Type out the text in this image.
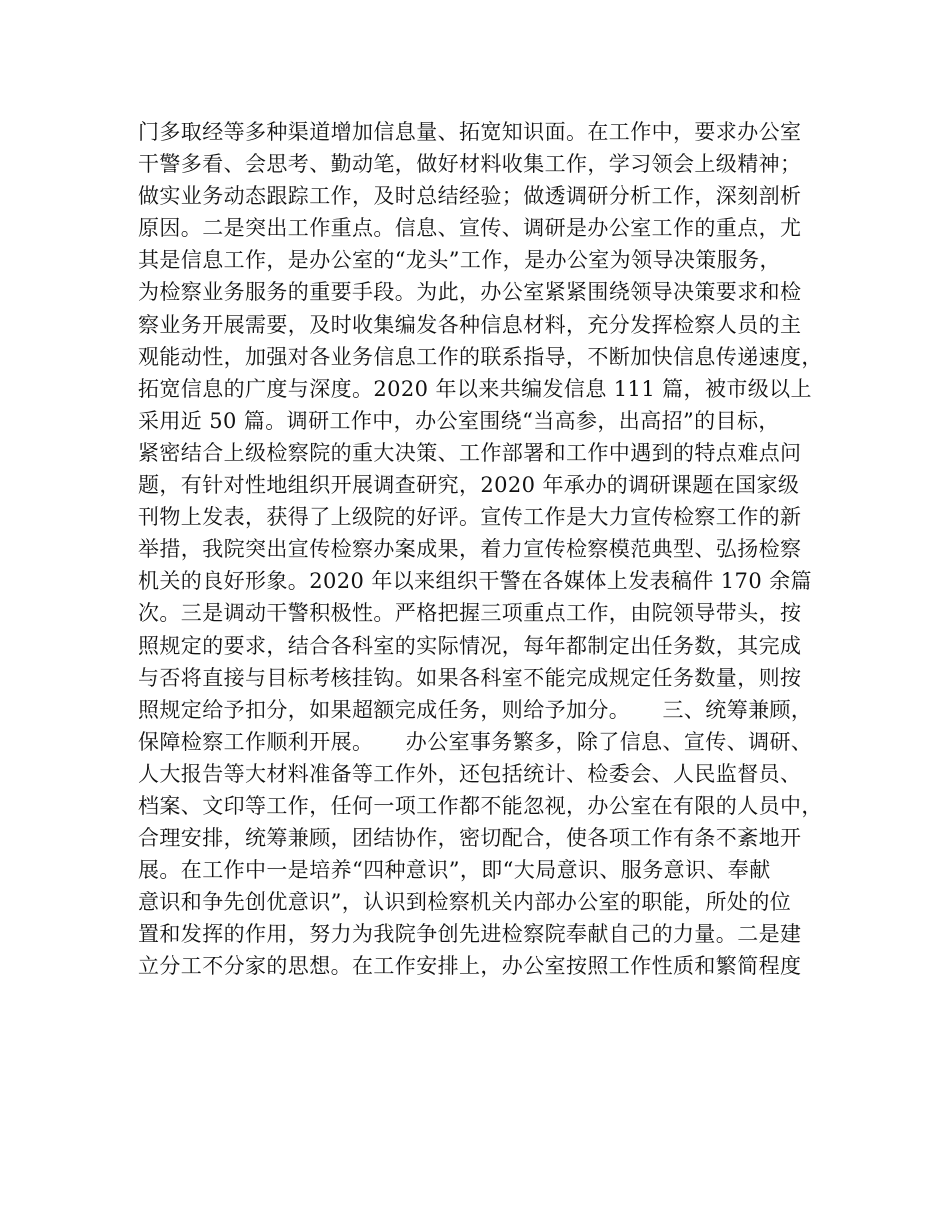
门多取经等多种渠道增加信息量、拓宽知识面。在工作中，要求办公室
干警多看、会思考、勤动笔，做好材料收集工作，学习领会上级精神；
做实业务动态跟踪工作，及时总结经验；做透调研分析工作，深刻剖析
原因。二是突出工作重点。信息、宣传、调研是办公室工作的重点，尤
其是信息工作，是办公室的“龙头”工作，是办公室为领导决策服务，
为检察业务服务的重要手段。为此，办公室紧紧围绕领导决策要求和检
察业务开展需要，及时收集编发各种信息材料，充分发挥检察人员的主
观能动性，加强对各业务信息工作的联系指导，不断加快信息传递速度，
拓宽信息的广度与深度。2020 年以来共编发信息 111 篇，被市级以上
采用近 50 篇。调研工作中，办公室围绕“当高参，出高招”的目标，
紧密结合上级检察院的重大决策、工作部署和工作中遇到的特点难点问
题，有针对性地组织开展调查研究，2020 年承办的调研课题在国家级
刊物上发表，获得了上级院的好评。宣传工作是大力宣传检察工作的新
举措，我院突出宣传检察办案成果，着力宣传检察模范典型、弘扬检察
机关的良好形象。2020 年以来组织干警在各媒体上发表稿件 170 余篇
次。三是调动干警积极性。严格把握三项重点工作，由院领导带头，按
照规定的要求，结合各科室的实际情况，每年都制定出任务数，其完成
与否将直接与目标考核挂钩。如果各科室不能完成规定任务数量，则按
照规定给予扣分，如果超额完成任务，则给予加分。　　三、统筹兼顾，
保障检察工作顺利开展。　　办公室事务繁多，除了信息、宣传、调研、
人大报告等大材料准备等工作外，还包括统计、检委会、人民监督员、
档案、文印等工作，任何一项工作都不能忽视，办公室在有限的人员中，
合理安排，统筹兼顾，团结协作，密切配合，使各项工作有条不紊地开
展。在工作中一是培养“四种意识”，即“大局意识、服务意识、奉献
意识和争先创优意识”，认识到检察机关内部办公室的职能，所处的位
置和发挥的作用，努力为我院争创先进检察院奉献自己的力量。二是建
立分工不分家的思想。在工作安排上，办公室按照工作性质和繁简程度
